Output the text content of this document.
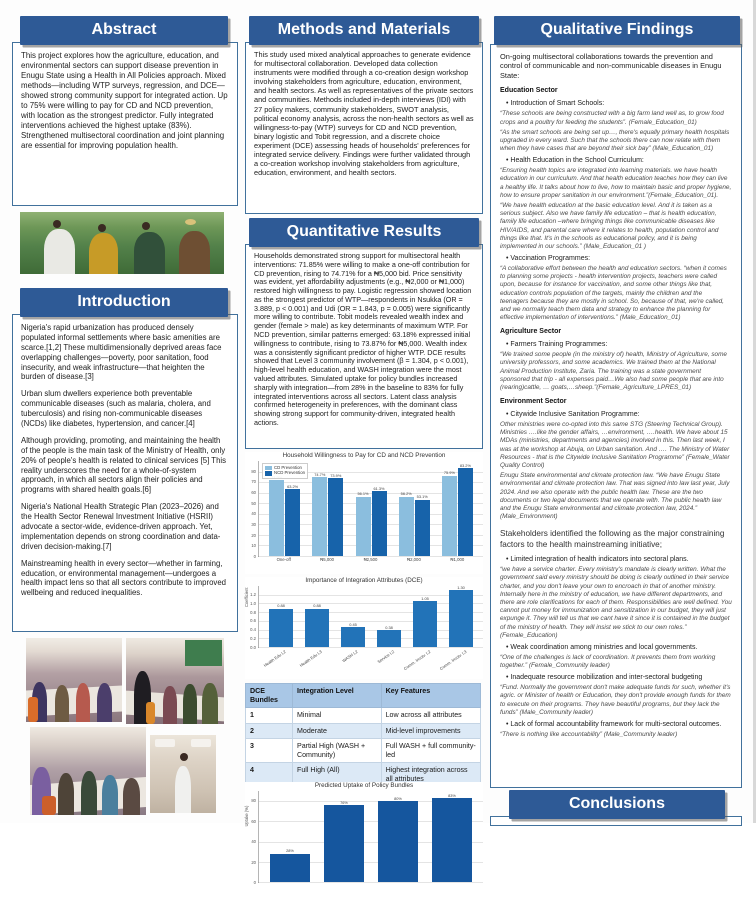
Abstract
This project explores how the agriculture, education, and environmental sectors can support disease prevention in Enugu State using a Health in All Policies approach. Mixed methods—including WTP surveys, regression, and DCE—showed strong community support for integrated action. Up to 75% were willing to pay for CD and NCD prevention, with location as the strongest predictor. Fully integrated interventions achieved the highest uptake (83%). Strengthened multisectoral coordination and joint planning are essential for improving population health.
Introduction

Nigeria's rapid urbanization has produced densely populated informal settlements where basic amenities are scarce.[1,2] These multidimensionally deprived areas face overlapping challenges—poverty, poor sanitation, food insecurity, and weak infrastructure—that heighten the burden of disease.[3]

Urban slum dwellers experience both preventable communicable diseases (such as malaria, cholera, and tuberculosis) and rising non-communicable diseases (NCDs) like diabetes, hypertension, and cancer.[4]

Although providing, promoting, and maintaining the health of the people is the main task of the Ministry of Health, only 20% of people's health is related to clinical services [5] This reality underscores the need for a whole-of-system approach, in which all sectors align their policies and programs with shared health goals.[6]

Nigeria's National Health Strategic Plan (2023–2026) and the Health Sector Renewal Investment Initiative (HSRII) advocate a sector-wide, evidence-driven approach. Yet, implementation depends on strong coordination and data-driven decision-making.[7]

Mainstreaming health in every sector—whether in farming, education, or environmental management—undergoes a health impact lens so that all sectors contribute to improved wellbeing and reduced inequalities.

Methods and Materials
This study used mixed analytical approaches to generate evidence for multisectoral collaboration. Developed data collection instruments were modified through a co-creation design workshop involving stakeholders from agriculture, education, environment, and health sectors. As well as representatives of the private sectors and communities. Methods included in-depth interviews (IDI) with 27 policy makers, community stakeholders, SWOT analysis, political economy analysis, across the non-health sectors as well as willingness-to-pay (WTP) surveys for CD and NCD prevention, binary logistic and Tobit regression, and a discrete choice experiment (DCE) assessing heads of households' preferences for integrated service delivery. Findings were further validated through a co-creation workshop involving stakeholders from agriculture, education, environment, and health sectors.
Quantitative Results
Households demonstrated strong support for multisectoral health interventions: 71.85% were willing to make a one-off contribution for CD prevention, rising to 74.71% for a ₦5,000 bid. Price sensitivity was evident, yet affordability adjustments (e.g., ₦2,000 or ₦1,000) restored high willingness to pay. Logistic regression showed location as the strongest predictor of WTP—respondents in Nsukka (OR = 3.889, p < 0.001) and Udi (OR = 1.843, p = 0.005) were significantly more willing to contribute. Tobit models revealed wealth index and gender (female > male) as key determinants of maximum WTP. For NCD prevention, similar patterns emerged: 63.18% expressed initial willingness to contribute, rising to 73.87% for ₦5,000. Wealth index was a consistently significant predictor of higher WTP. DCE results showed that Level 3 community involvement (β = 1.304, p < 0.001), high-level health education, and WASH integration were the most valued attributes. Simulated uptake for policy bundles increased sharply with integration—from 28% in the baseline to 83% for fully integrated interventions across all sectors. Latent class analysis confirmed heterogeneity in preferences, with the dominant class showing strong support for community-driven, integrated health actions.
Household Willingness to Pay for CD and NCD Prevention
0
10
20
30
40
50
60
70
80
63.2%
74.7% 73.9%
56.1%
61.3%
56.2%
53.1%
75.9%
83.2%
CD Prevention
NCD Prevention
One-off	₦5,000	₦2,500	₦2,000	₦1,000
Importance of Integration Attributes (DCE)
0.0
0.2
0.4
0.6
0.8
1.0
1.2
0.88	0.88
0.45
0.38
1.05
1.30
Coefficient
Health Edu L2	Health Edu L3	WASH L2	Service L2 Comm. Involv. L2 Comm. Involv. L3
DCE Bundles	Integration Level	Key Features
1	Minimal	Low across all attributes
2	Moderate	Mid-level improvements
3	Partial High (WASH + Community)	Full WASH + full community-led
4	Full High (All)	Highest integration across all attributes
Predicted Uptake of Policy Bundles
0
20
40
60
80
28%
76%
80%
83%
Uptake (%)
Qualitative Findings
On-going multisectoral collaborations towards the prevention and control of communicable and non-communicable diseases in Enugu State:
Education Sector
• Introduction of Smart Schools:
“These schools are being constructed with a big farm land well as, to grow food crops and a poultry for feeding the students”. (Female_Education_01)
“As the smart schools are being set up…, there's equally primary health hospitals upgraded in every ward. Such that the schools there can now relate with them when they have cases that are beyond their sick bay” (Male_Education_01)
• Health Education in the School Curriculum:
“Ensuring health topics are integrated into learning materials. we have health education in our curriculum. And that health education teaches how they can live a healthy life. It talks about how to live, how to maintain basic and proper hygiene, how to ensure proper sanitation in our environment.”(Female_Education_01).
“We have health education at the basic education level. And it is taken as a serious subject. Also we have family life education – that is health education, family life education –where bringing things like communicable diseases like HIV/AIDS, and parental care where it relates to health, population control and things like that. It's in the schools as educational policy, and it is being implemented in our schools.” (Male_Education_01 )
• Vaccination Programmes:
“A collaborative effort between the health and education sectors. “when it comes to planning some projects - health intervention projects, teachers were called upon, because for instance for vaccination, and some other things like that, education controls population of the targets, mainly the children and the teenagers because they are mostly in school. So, because of that, we're called, and we normally teach them data and strategy to enhance the planning for effective implementation of interventions.” (Male_Education_01)
Agriculture Sector
• Farmers Training Programmes:
“We trained some people (in the ministry of) health, Ministry of Agriculture, some university professors, and some academics. We trained them at the National Animal Production Institute, Zaria. The training was a state government sponsored that trip - all expenses paid…We also had some people that are into (rearing)cattle, … goats,…sheep.”(Female_Agriculture_LPRES_01)
Environment Sector
• Citywide Inclusive Sanitation Programme:
Other ministries were co-opted into this same STG (Steering Technical Group). Ministries ….like the gender affairs, …environment, ….health. We have about 15 MDAs (ministries, departments and agencies) involved in this. Then last week, I was at the workshop at Abuja, on Urban sanitation. And …. The Ministry of Water Resources - that is the Citywide Inclusive Sanitation Programme” (Female_Water Quality Control)
Enugu State environmental and climate protection law. “We have Enugu State environmental and climate protection law. That was signed into law last year, July 2024. And we also operate with the public health law. These are the two documents or two legal documents that we operate with. The public health law and the Enugu State environmental and climate protection law, 2024.” (Male_Environment)
Stakeholders identified the following as the major constraining factors to the health mainstreaming initiative;
• Limited integration of health indicators into sectoral plans.
“we have a service charter. Every ministry's mandate is clearly written. What the government said every ministry should be doing is clearly outlined in their service charter, and you don't leave your own to encroach in that of another ministry. Internally here in the ministry of education, we have different departments, and there are role clarifications for each of them. Responsibilities are well defined. You cannot put money for immunization and sensitization in our budget, they will just expunge it. They will tell us that we cant have it since it is contained in the budget of the ministry of health. They will insist we stick to our own roles.” (Female_Education)
• Weak coordination among ministries and local governments.
“One of the challenges is lack of coordination. It prevents them from working together.” (Female_Community leader)
• Inadequate resource mobilization and inter-sectoral budgeting
“Fund. Normally the government don't make adequate funds for such, whether it's agric. or Minister of health or Education, they don't provide enough funds for them to execute on their programs. They have beautiful programs, but they lack the funds” (Male_Community leader)
• Lack of formal accountability framework for multi-sectoral outcomes.
“There is nothing like accountability” (Male_Community leader)
Conclusions
